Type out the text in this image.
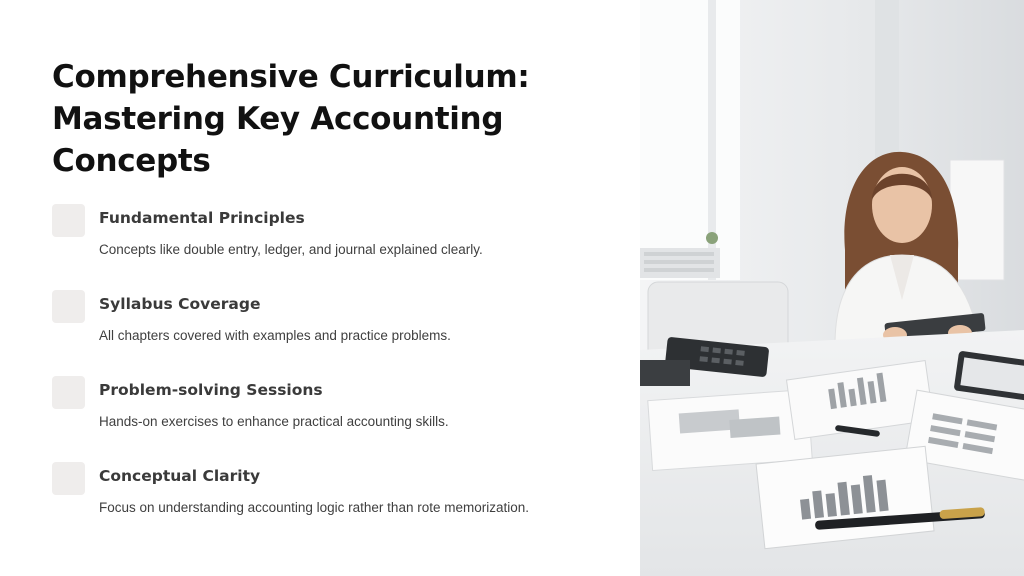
Comprehensive Curriculum: Mastering Key Accounting Concepts
Fundamental Principles
Concepts like double entry, ledger, and journal explained clearly.
Syllabus Coverage
All chapters covered with examples and practice problems.
Problem-solving Sessions
Hands-on exercises to enhance practical accounting skills.
Conceptual Clarity
Focus on understanding accounting logic rather than rote memorization.
